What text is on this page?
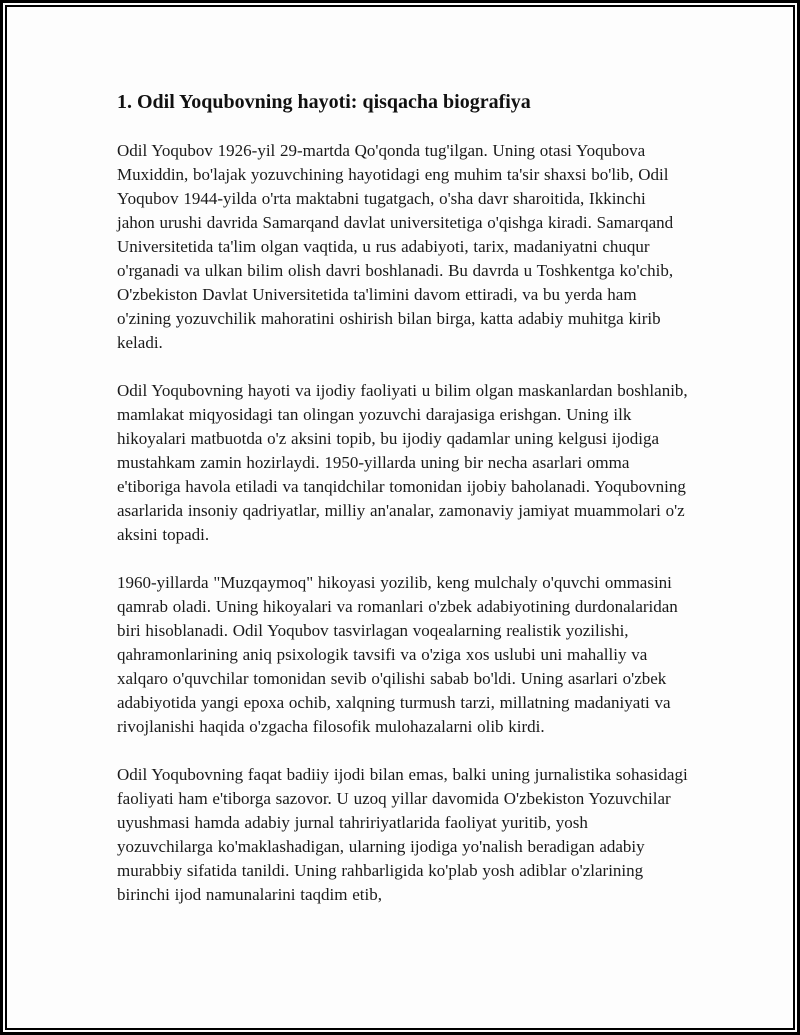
1. Odil Yoqubovning hayoti: qisqacha biografiya

Odil Yoqubov 1926-yil 29-martda Qo'qonda tug'ilgan. Uning otasi Yoqubova Muxiddin, bo'lajak yozuvchining hayotidagi eng muhim ta'sir shaxsi bo'lib, Odil Yoqubov 1944-yilda o'rta maktabni tugatgach, o'sha davr sharoitida, Ikkinchi jahon urushi davrida Samarqand davlat universitetiga o'qishga kiradi. Samarqand Universitetida ta'lim olgan vaqtida, u rus adabiyoti, tarix, madaniyatni chuqur o'rganadi va ulkan bilim olish davri boshlanadi. Bu davrda u Toshkentga ko'chib, O'zbekiston Davlat Universitetida ta'limini davom ettiradi, va bu yerda ham o'zining yozuvchilik mahoratini oshirish bilan birga, katta adabiy muhitga kirib keladi.

Odil Yoqubovning hayoti va ijodiy faoliyati u bilim olgan maskanlardan boshlanib, mamlakat miqyosidagi tan olingan yozuvchi darajasiga erishgan. Uning ilk hikoyalari matbuotda o'z aksini topib, bu ijodiy qadamlar uning kelgusi ijodiga mustahkam zamin hozirlaydi. 1950-yillarda uning bir necha asarlari omma e'tiboriga havola etiladi va tanqidchilar tomonidan ijobiy baholanadi. Yoqubovning asarlarida insoniy qadriyatlar, milliy an'analar, zamonaviy jamiyat muammolari o'z aksini topadi.

1960-yillarda "Muzqaymoq" hikoyasi yozilib, keng mulchaly o'quvchi ommasini qamrab oladi. Uning hikoyalari va romanlari o'zbek adabiyotining durdonalaridan biri hisoblanadi. Odil Yoqubov tasvirlagan voqealarning realistik yozilishi, qahramonlarining aniq psixologik tavsifi va o'ziga xos uslubi uni mahalliy va xalqaro o'quvchilar tomonidan sevib o'qilishi sabab bo'ldi. Uning asarlari o'zbek adabiyotida yangi epoxa ochib, xalqning turmush tarzi, millatning madaniyati va rivojlanishi haqida o'zgacha filosofik mulohazalarni olib kirdi.

Odil Yoqubovning faqat badiiy ijodi bilan emas, balki uning jurnalistika sohasidagi faoliyati ham e'tiborga sazovor. U uzoq yillar davomida O'zbekiston Yozuvchilar uyushmasi hamda adabiy jurnal tahririyatlarida faoliyat yuritib, yosh yozuvchilarga ko'maklashadigan, ularning ijodiga yo'nalish beradigan adabiy murabbiy sifatida tanildi. Uning rahbarligida ko'plab yosh adiblar o'zlarining birinchi ijod namunalarini taqdim etib,
